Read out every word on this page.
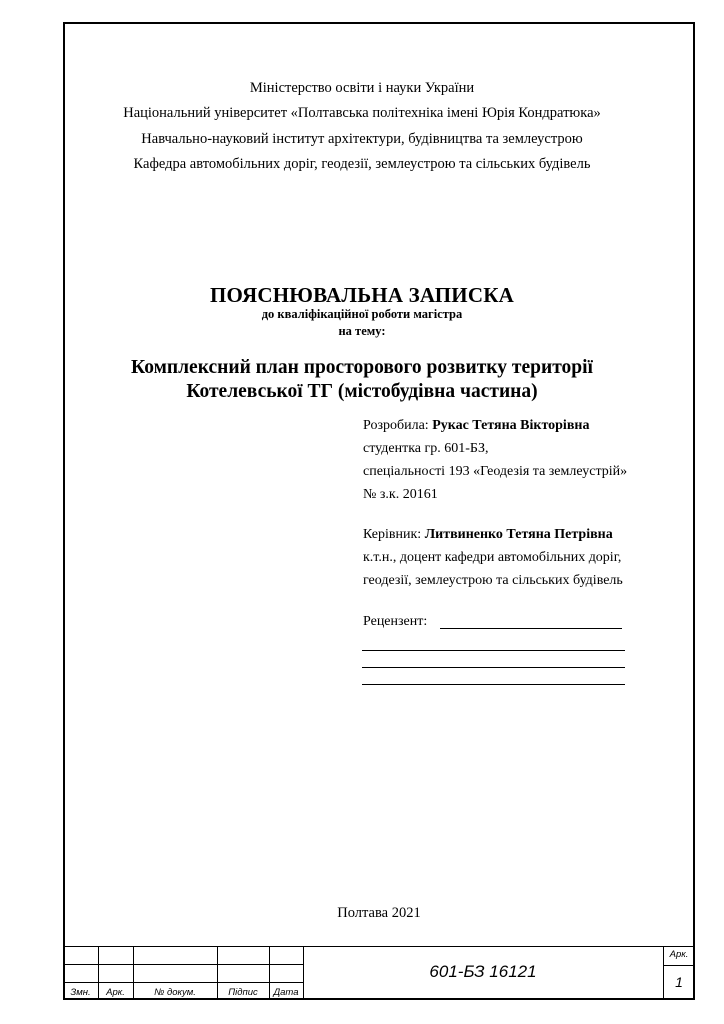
Міністерство освіти і науки України
Національний університет «Полтавська політехніка імені Юрія Кондратюка»
Навчально-науковий інститут архітектури, будівництва та землеустрою
Кафедра автомобільних доріг, геодезії, землеустрою та сільських будівель
ПОЯСНЮВАЛЬНА ЗАПИСКА
до кваліфікаційної роботи магістра
на тему:
Комплексний план просторового розвитку території
Котелевської ТГ (містобудівна частина)
Розробила: Рукас Тетяна Вікторівна
студентка гр. 601-БЗ,
спеціальності 193 «Геодезія та землеустрій»
№ з.к. 20161
Керівник: Литвиненко Тетяна Петрівна
к.т.н., доцент кафедри автомобільних доріг,
геодезії, землеустрою та сільських будівель
Рецензент:
Полтава 2021
Змн.	Арк.	№ докум.	Підпис	Дата
601-БЗ 16121
Арк.
1
